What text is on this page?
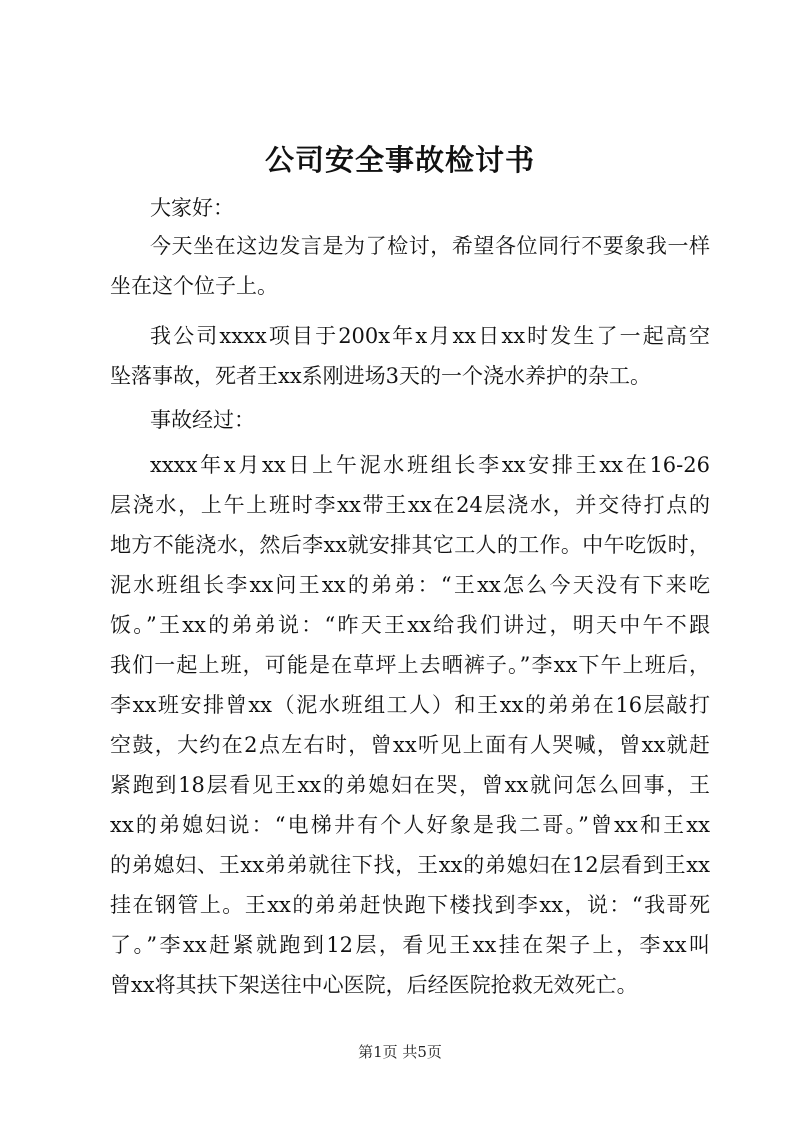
公司安全事故检讨书

大家好：

今天坐在这边发言是为了检讨，希望各位同行不要象我一样
坐在这个位子上。
我公司xxxx项目于200x年x月xx日xx时发生了一起高空
坠落事故，死者王xx系刚进场3天的一个浇水养护的杂工。

事故经过：

xxxx年x月xx日上午泥水班组长李xx安排王xx在16-26
层浇水，上午上班时李xx带王xx在24层浇水，并交待打点的
地方不能浇水，然后李xx就安排其它工人的工作。中午吃饭时，
泥水班组长李xx问王xx的弟弟：“王xx怎么今天没有下来吃
饭。”王xx的弟弟说：“昨天王xx给我们讲过，明天中午不跟
我们一起上班，可能是在草坪上去晒裤子。”李xx下午上班后，
李xx班安排曾xx（泥水班组工人）和王xx的弟弟在16层敲打
空鼓，大约在2点左右时，曾xx听见上面有人哭喊，曾xx就赶
紧跑到18层看见王xx的弟媳妇在哭，曾xx就问怎么回事，王
xx的弟媳妇说：“电梯井有个人好象是我二哥。”曾xx和王xx
的弟媳妇、王xx弟弟就往下找，王xx的弟媳妇在12层看到王xx
挂在钢管上。王xx的弟弟赶快跑下楼找到李xx，说：“我哥死
了。”李xx赶紧就跑到12层，看见王xx挂在架子上，李xx叫
曾xx将其扶下架送往中心医院，后经医院抢救无效死亡。
第1页 共5页
